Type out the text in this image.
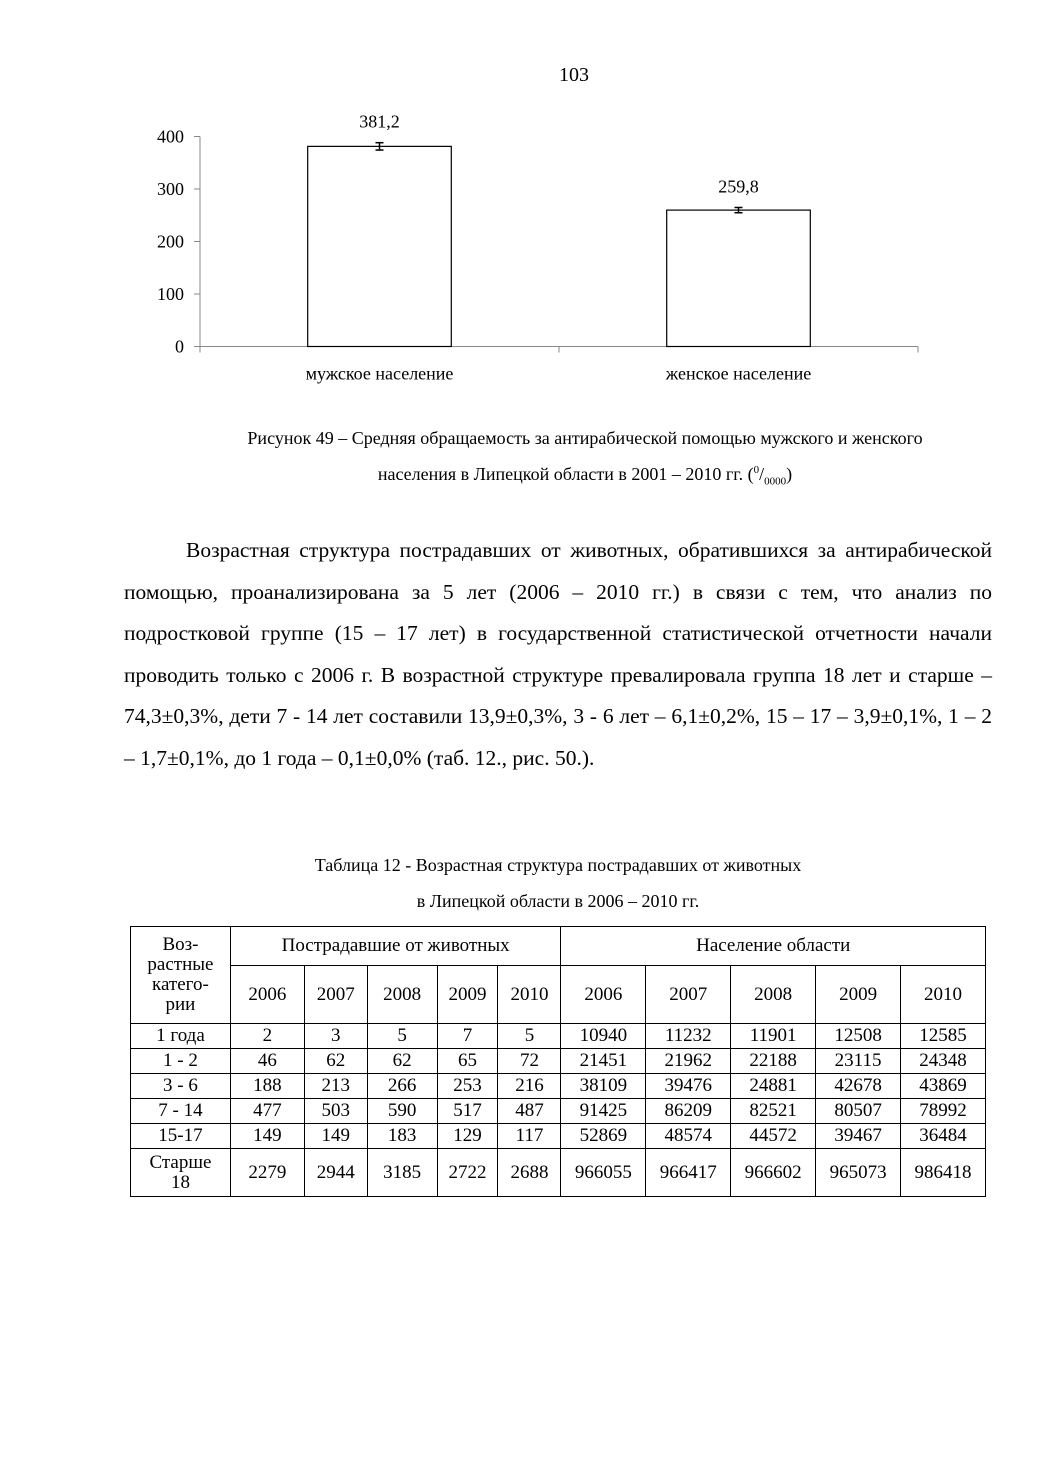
103
0
100
200
300
400
381,2
мужское население
259,8
женское население
Рисунок 49 – Средняя обращаемость за антирабической помощью мужского и женского
населения в Липецкой области в 2001 – 2010 гг. $(^0/_{0000})$

Возрастная структура пострадавших от животных, обратившихся за антирабической помощью, проанализирована за 5 лет (2006 – 2010 гг.) в связи с тем, что анализ по подростковой группе (15 – 17 лет) в государственной статистической отчетности начали проводить только с 2006 г. В возрастной структуре превалировала группа 18 лет и старше – 74,3±0,3%, дети 7 - 14 лет составили 13,9±0,3%, 3 - 6 лет – 6,1±0,2%, 15 – 17 – 3,9±0,1%, 1 – 2 – 1,7±0,1%, до 1 года – 0,1±0,0% (таб. 12., рис. 50.).

Таблица 12 - Возрастная структура пострадавших от животных
в Липецкой области в 2006 – 2010 гг.
Воз-
растные
катего-
рии	Пострадавшие от животных					Население области				
	2006	2007	2008	2009	2010	2006	2007	2008	2009	2010
1 года	2	3	5	7	5	10940	11232	11901	12508	12585
1 - 2	46	62	62	65	72	21451	21962	22188	23115	24348
3 - 6	188	213	266	253	216	38109	39476	24881	42678	43869
7 - 14	477	503	590	517	487	91425	86209	82521	80507	78992
15-17	149	149	183	129	117	52869	48574	44572	39467	36484
Старше
18	2279	2944	3185	2722	2688	966055	966417	966602	965073	986418
